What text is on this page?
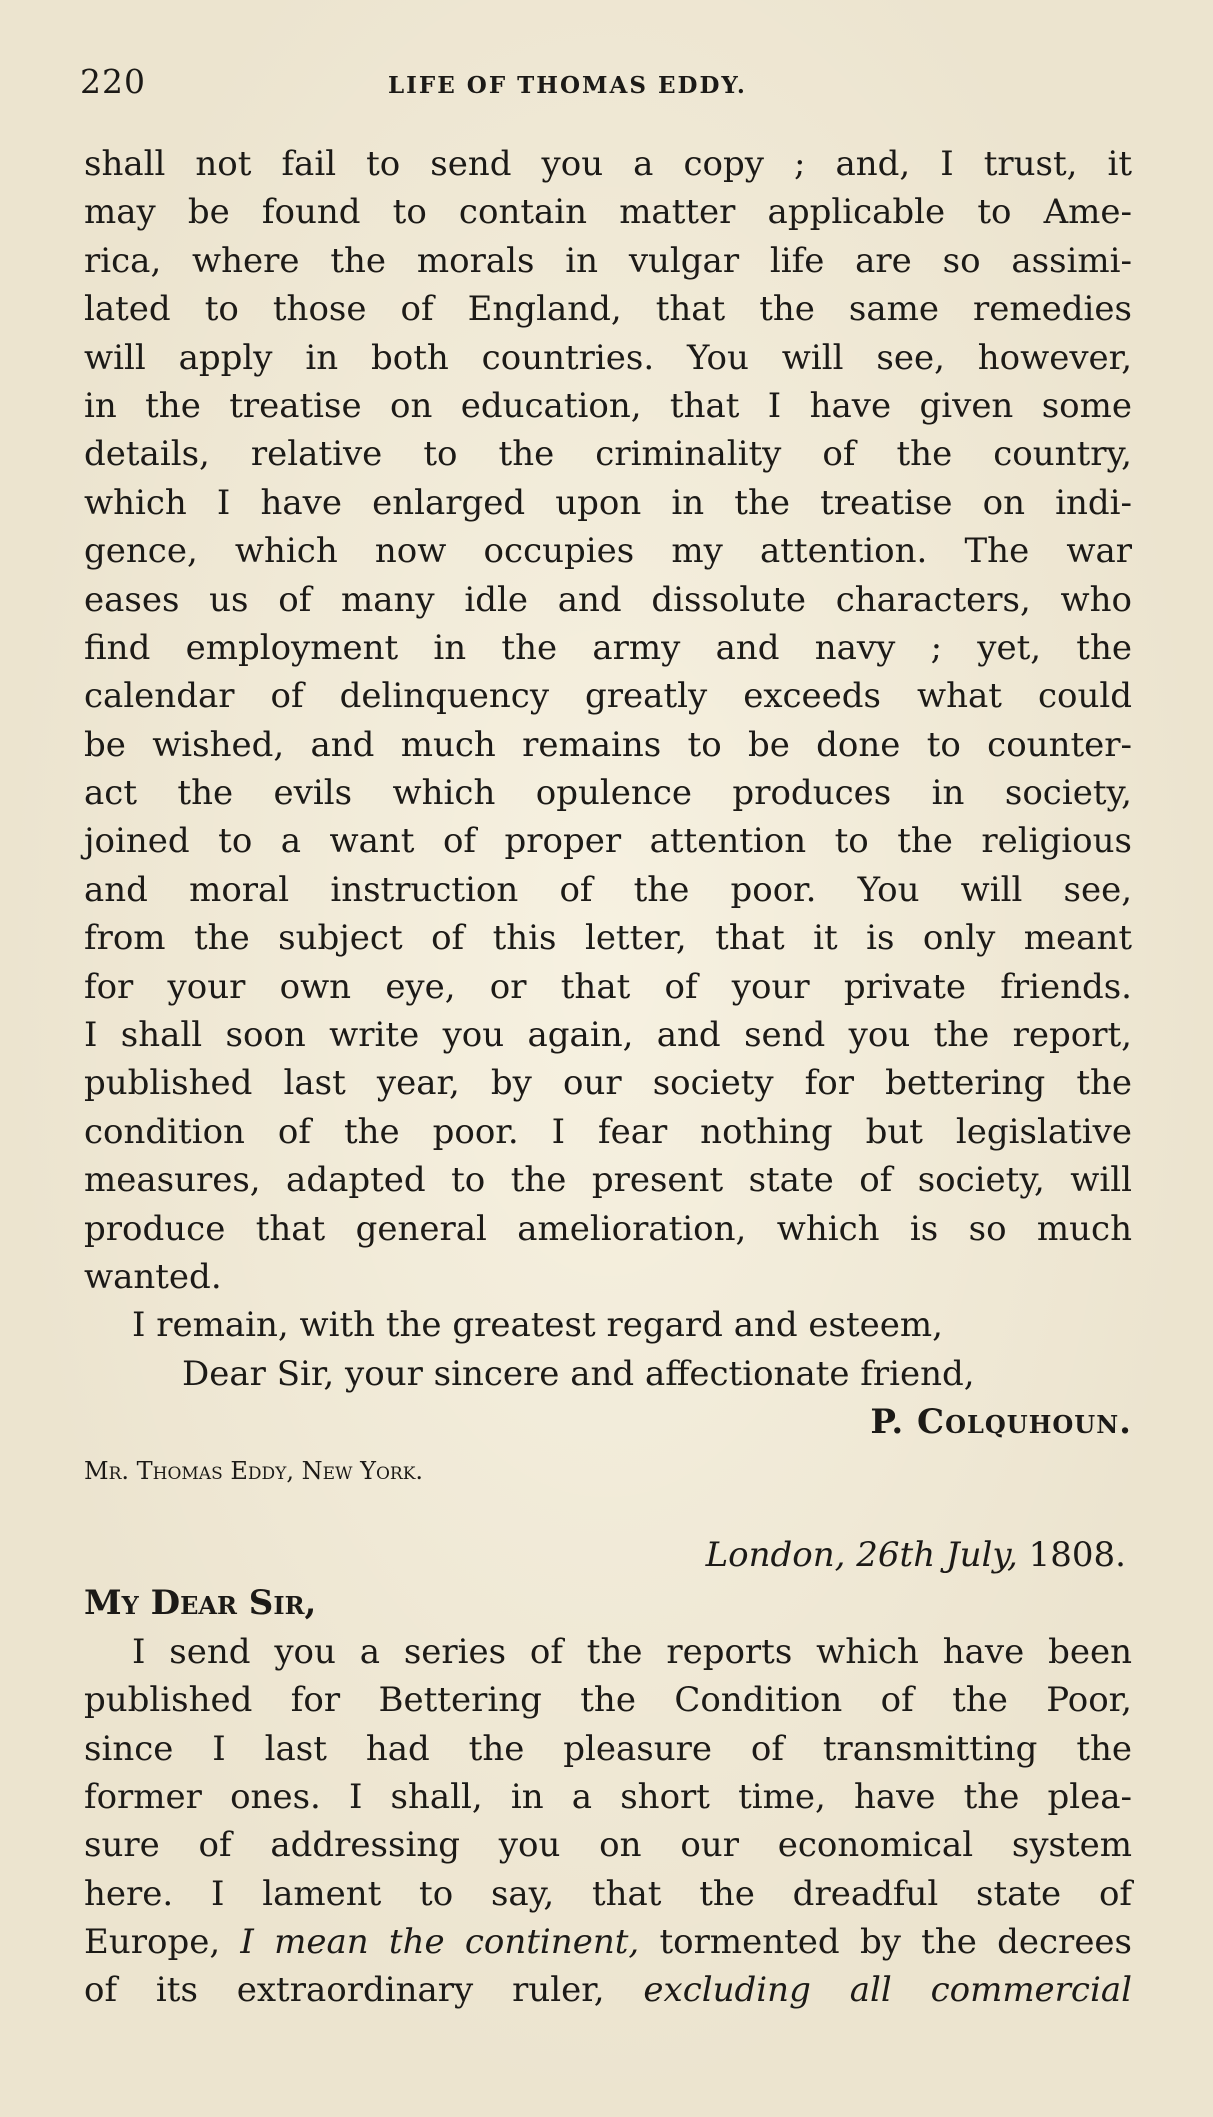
220	LIFE OF THOMAS EDDY.
shall not fail to send you a copy ; and, I trust, it
may be found to contain matter applicable to Ame-
rica, where the morals in vulgar life are so assimi-
lated to those of England, that the same remedies
will apply in both countries. You will see, however,
in the treatise on education, that I have given some
details, relative to the criminality of the country,
which I have enlarged upon in the treatise on indi-
gence, which now occupies my attention. The war
eases us of many idle and dissolute characters, who
find employment in the army and navy ; yet, the
calendar of delinquency greatly exceeds what could
be wished, and much remains to be done to counter-
act the evils which opulence produces in society,
joined to a want of proper attention to the religious
and moral instruction of the poor. You will see,
from the subject of this letter, that it is only meant
for your own eye, or that of your private friends.
I shall soon write you again, and send you the report,
published last year, by our society for bettering the
condition of the poor. I fear nothing but legislative
measures, adapted to the present state of society, will
produce that general amelioration, which is so much
wanted.
I remain, with the greatest regard and esteem,
Dear Sir, your sincere and affectionate friend,
P. Colquhoun.
Mr. Thomas Eddy, New York.
London, 26th July, 1808.
My Dear Sir,
I send you a series of the reports which have been
published for Bettering the Condition of the Poor,
since I last had the pleasure of transmitting the
former ones. I shall, in a short time, have the plea-
sure of addressing you on our economical system
here. I lament to say, that the dreadful state of
Europe, I mean the continent, tormented by the decrees
of its extraordinary ruler, excluding all commercial
